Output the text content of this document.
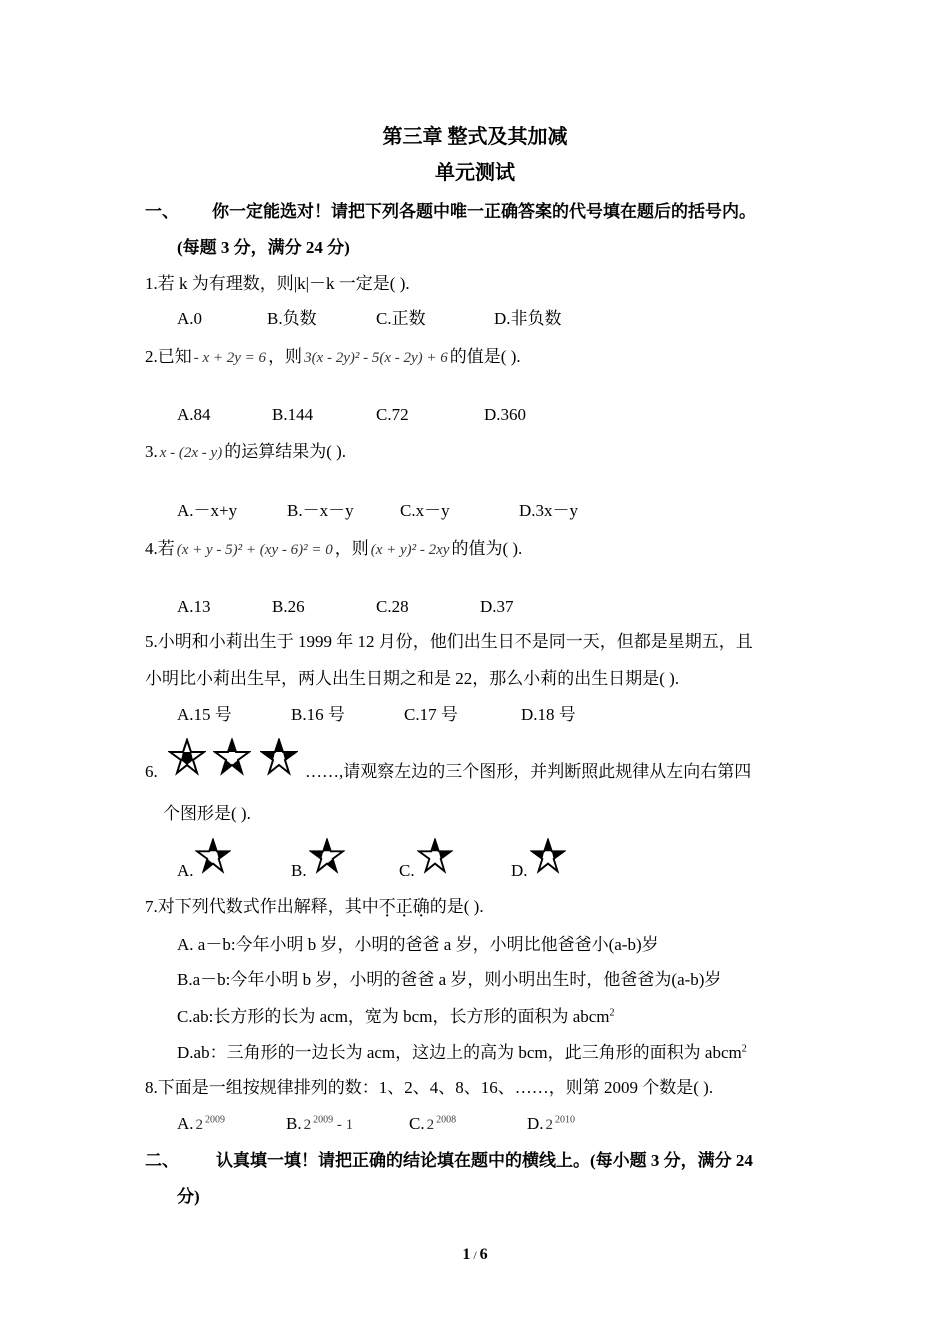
第三章 整式及其加减
单元测试
一、 你一定能选对！请把下列各题中唯一正确答案的代号填在题后的括号内。
(每题 3 分，满分 24 分)
1.若 k 为有理数，则|k|－k 一定是( ).
A.0	B.负数	C.正数	D.非负数
2.已知 - x + 2y = 6 ，则 3(x - 2y)² - 5(x - 2y) + 6 的值是( ).
A.84	B.144	C.72	D.360
3. x - (2x - y) 的运算结果为( ).
A.－x+y	B.－x－y	C.x－y	D.3x－y
4.若 (x + y - 5)² + (xy - 6)² = 0 ，则 (x + y)² - 2xy 的值为( ).
A.13	B.26	C.28	D.37
5.小明和小莉出生于 1999 年 12 月份，他们出生日不是同一天，但都是星期五，且
小明比小莉出生早，两人出生日期之和是 22，那么小莉的出生日期是( ).
A.15 号	B.16 号	C.17 号	D.18 号
6.	……,请观察左边的三个图形，并判断照此规律从左向右第四
个图形是( ).
A.	B.	C.	D.
7.对下列代数式作出解释，其中不正确的是( ).
A. a－b:今年小明 b 岁，小明的爸爸 a 岁，小明比他爸爸小(a-b)岁
B.a－b:今年小明 b 岁，小明的爸爸 a 岁，则小明出生时，他爸爸为(a-b)岁
C.ab:长方形的长为 acm，宽为 bcm，长方形的面积为 abcm$^2$
D.ab：三角形的一边长为 acm，这边上的高为 bcm，此三角形的面积为 abcm$^2$
8.下面是一组按规律排列的数：1、2、4、8、16、……，则第 2009 个数是( ).
A. 2 $^{2009}$	B. 2 $^{2009}$ - 1	C. 2 $^{2008}$	D. 2 $^{2010}$
二、 认真填一填！请把正确的结论填在题中的横线上。(每小题 3 分，满分 24
分)
1 / 6
